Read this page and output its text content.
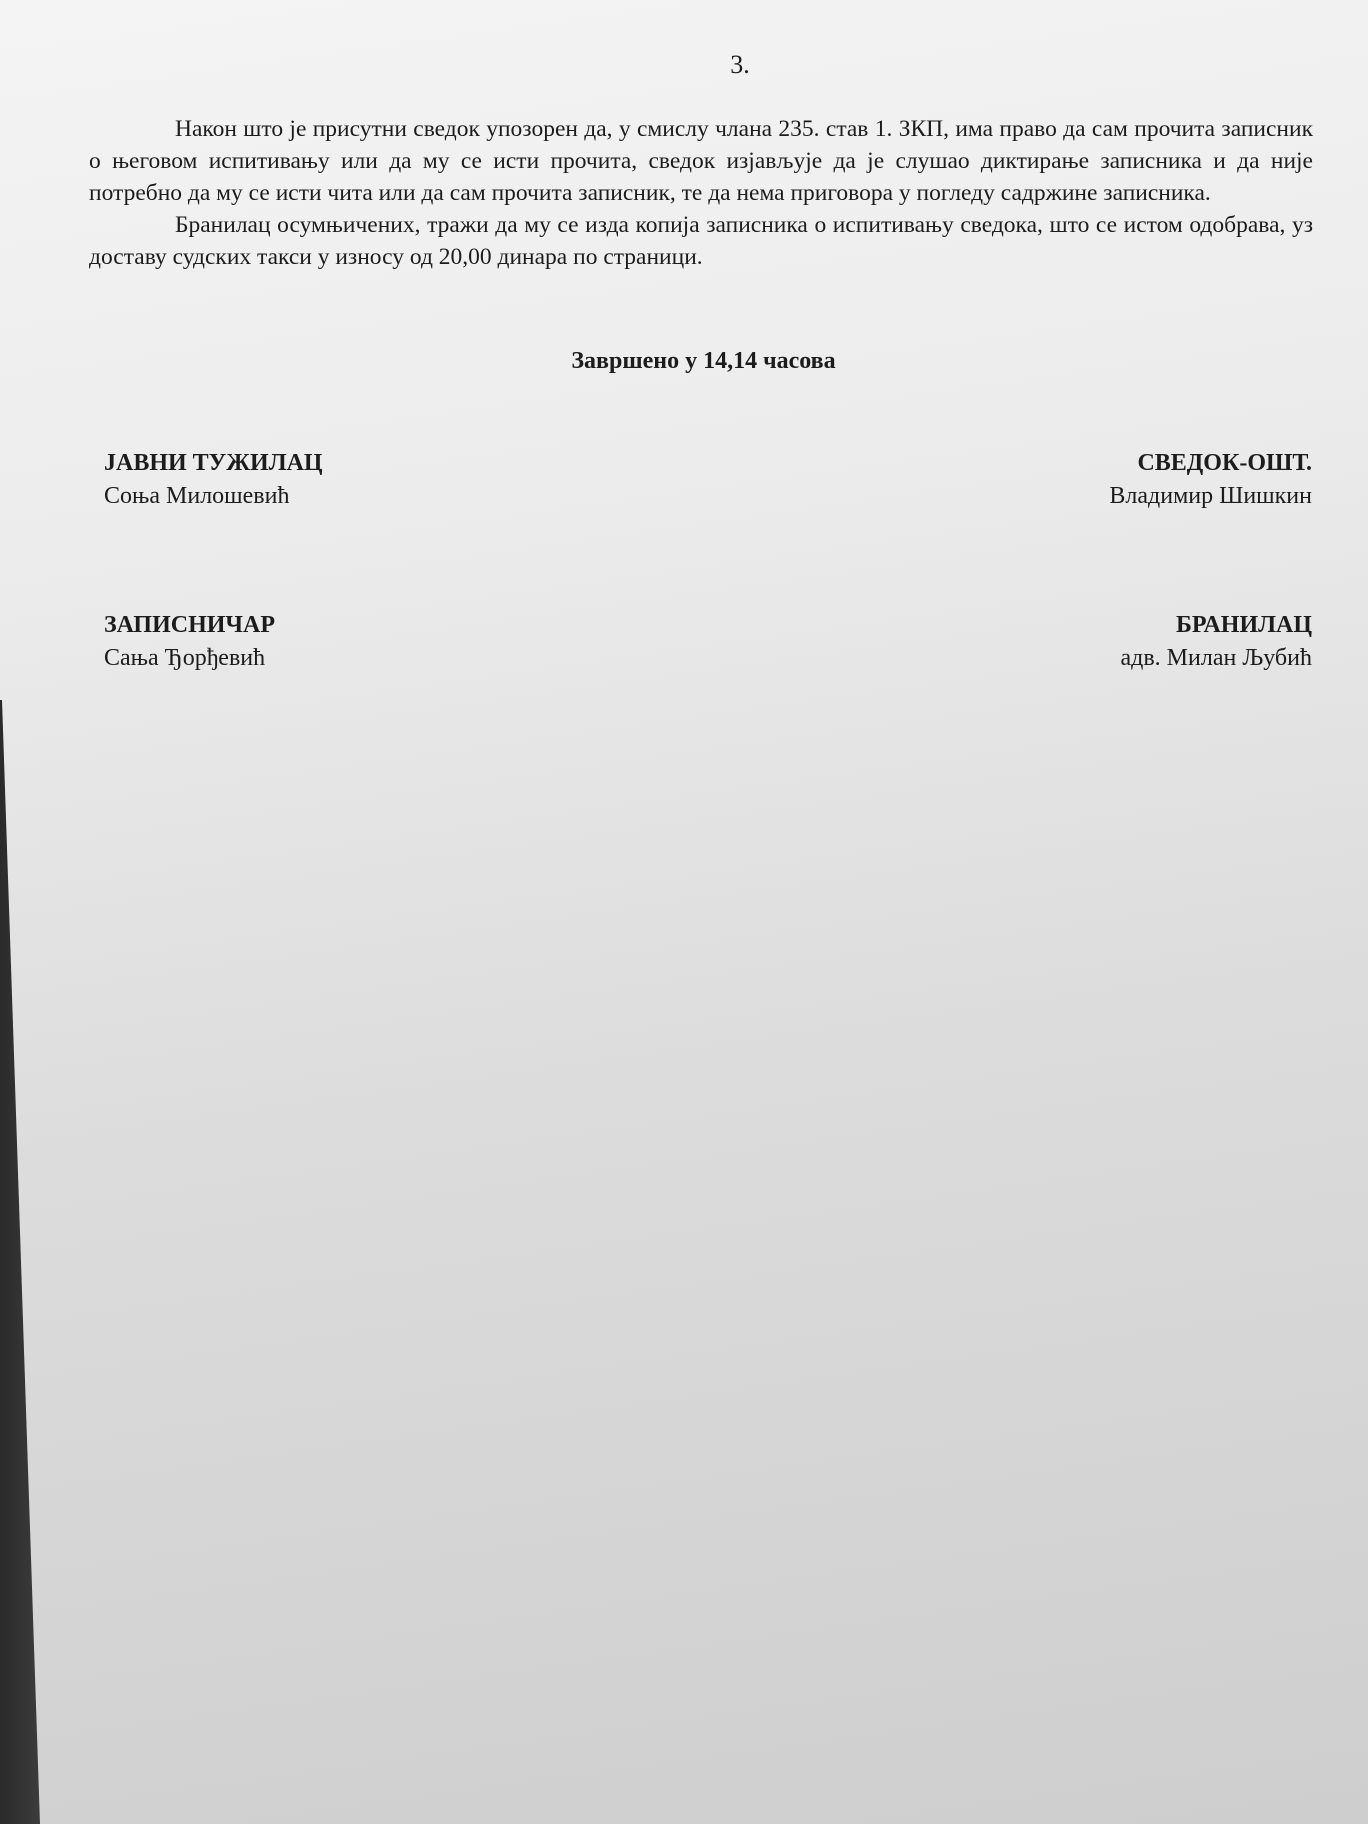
3.

Након што је присутни сведок упозорен да, у смислу члана 235. став 1. ЗКП, има право да сам прочита записник о његовом испитивању или да му се исти прочита, сведок изјављује да је слушао диктирање записника и да није потребно да му се исти чита или да сам прочита записник, те да нема приговора у погледу садржине записника.

Бранилац осумњичених, тражи да му се изда копија записника о испитивању сведока, што се истом одобрава, уз доставу судских такси у износу од 20,00 динара по страници.

Завршено у 14,14 часова
ЈАВНИ ТУЖИЛАЦ
Соња Милошевић
СВЕДОК-ОШТ.
Владимир Шишкин
ЗАПИСНИЧАР
Сања Ђорђевић
БРАНИЛАЦ
адв. Милан Љубић
